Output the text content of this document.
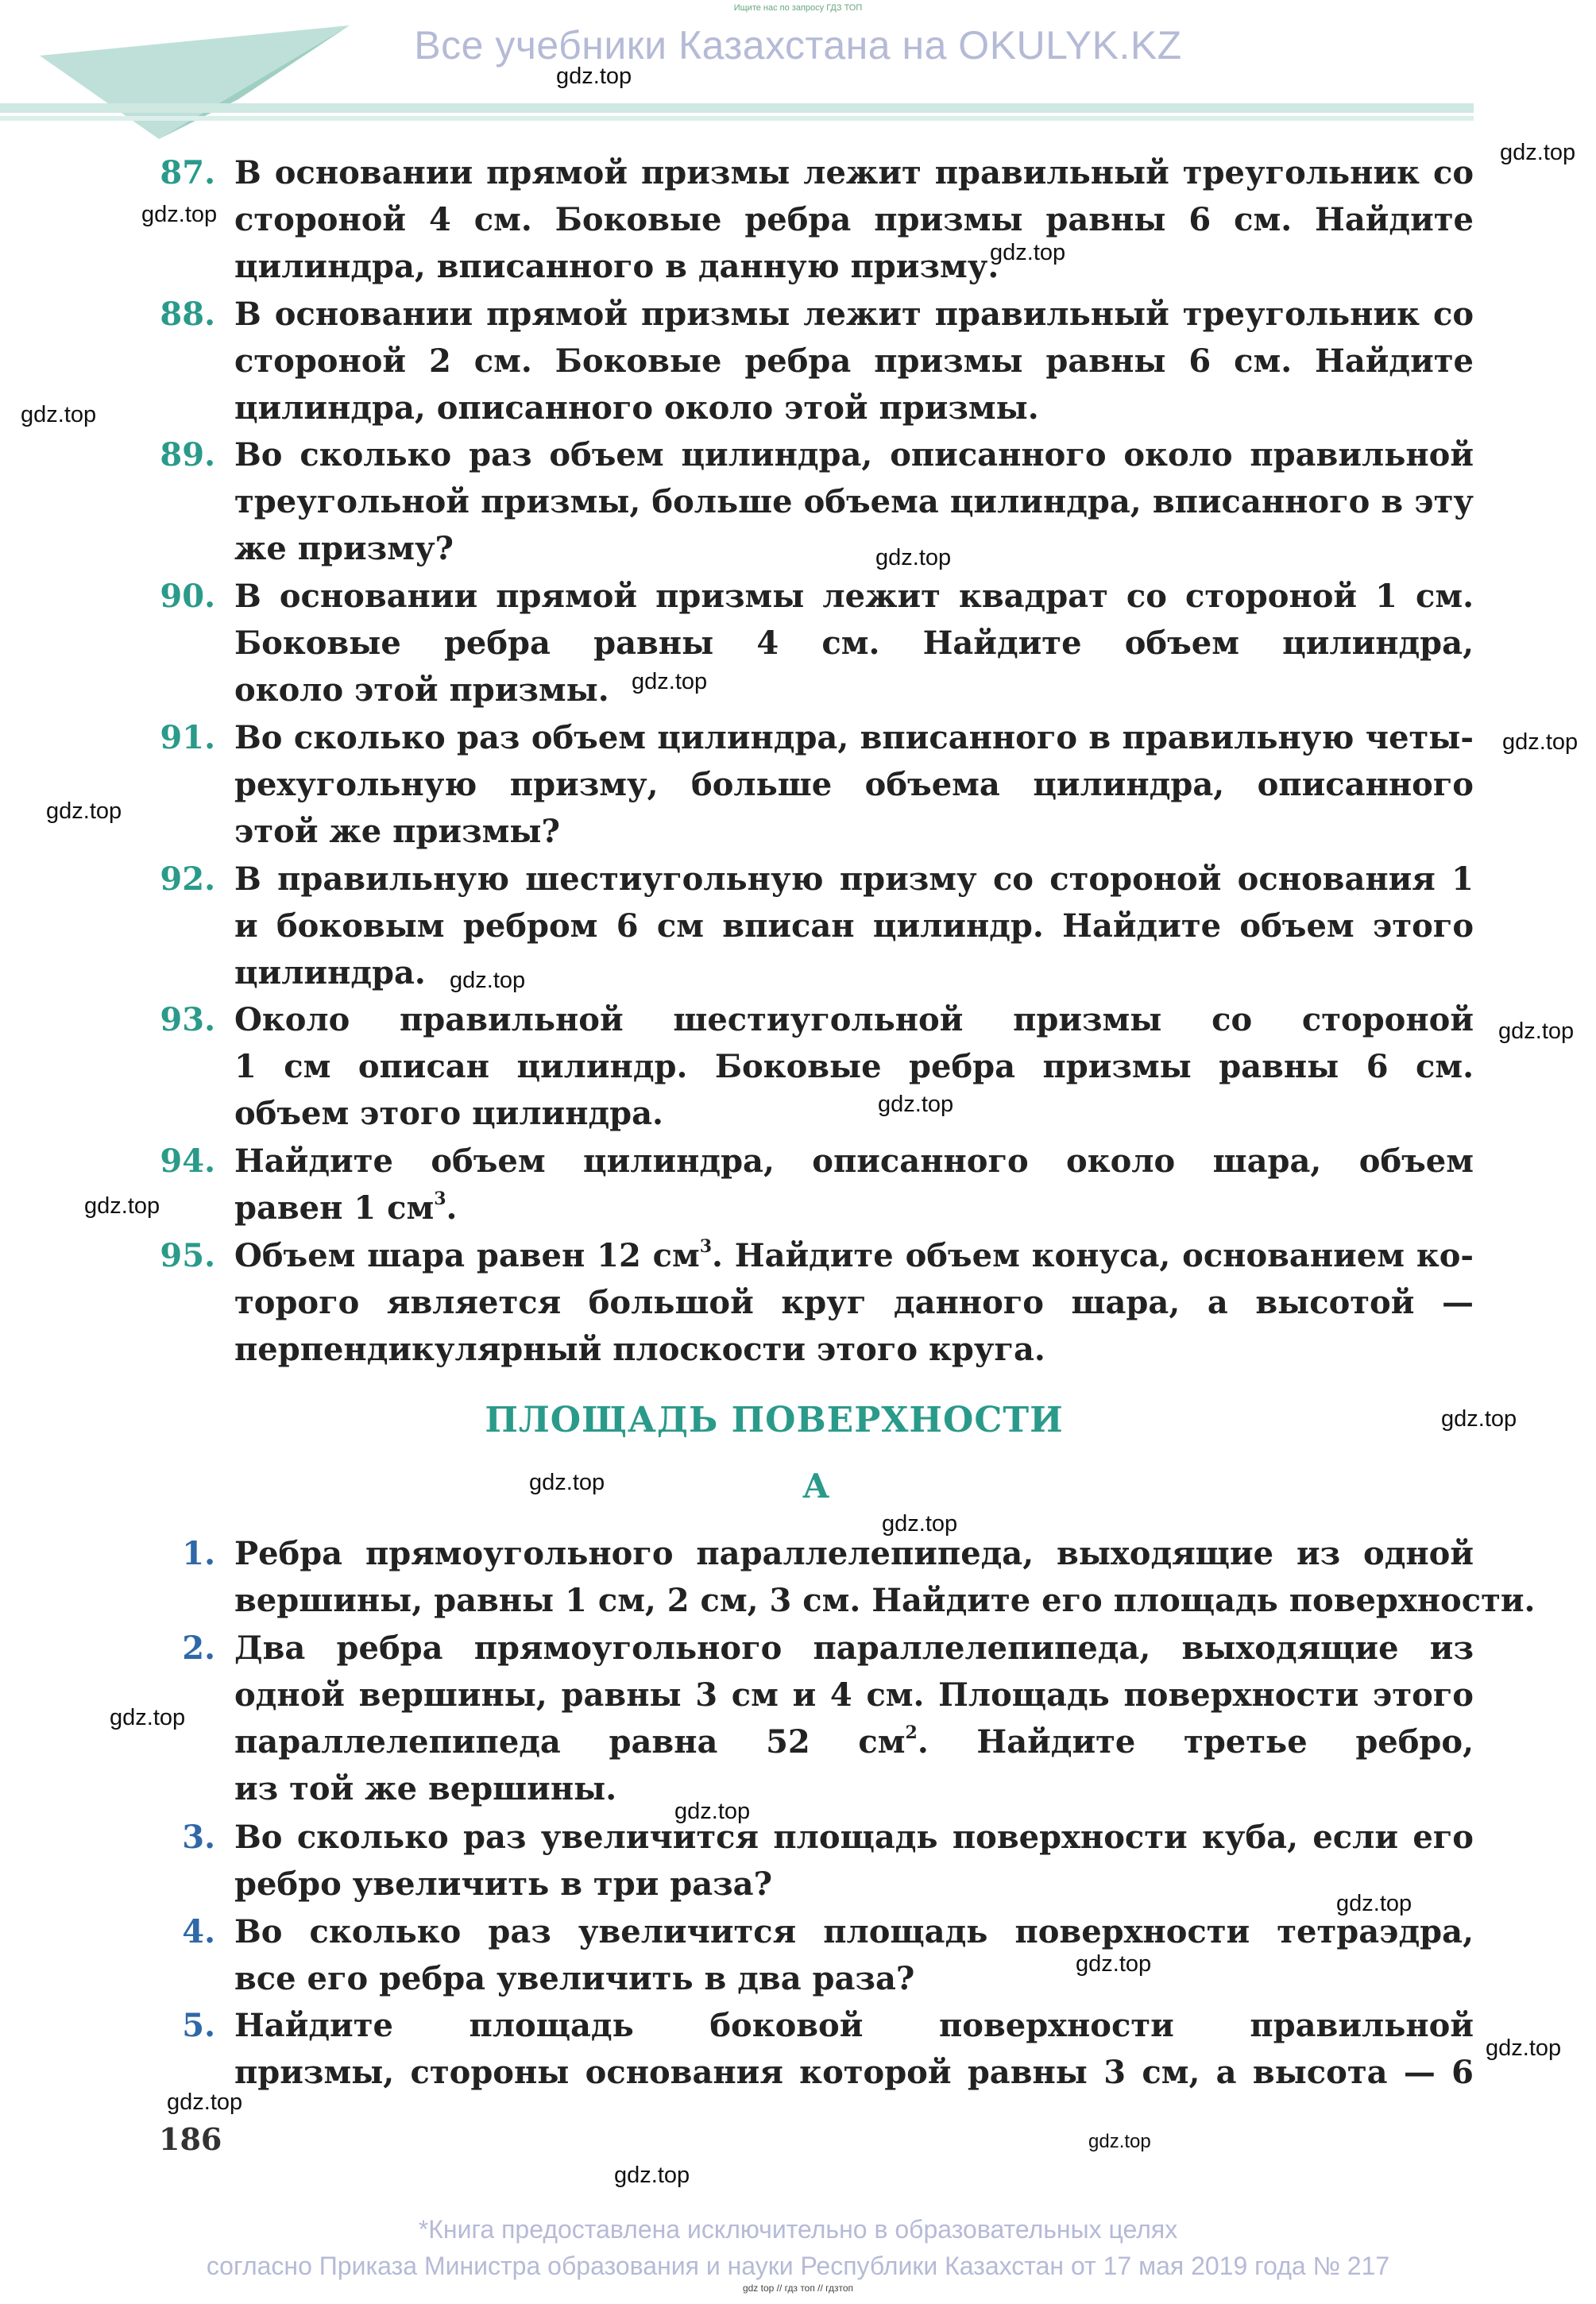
Ищите нас по запросу ГДЗ ТОП
Все учебники Казахстана на OKULYK.KZ
87. В основании прямой призмы лежит правильный треугольник со
стороной 4 см. Боковые ребра призмы равны 6 см. Найдите
цилиндра, вписанного в данную призму.
88. В основании прямой призмы лежит правильный треугольник со
стороной 2 см. Боковые ребра призмы равны 6 см. Найдите
цилиндра, описанного около этой призмы.
89. Во сколько раз объем цилиндра, описанного около правильной
треугольной призмы, больше объема цилиндра, вписанного в эту
же призму?
90. В основании прямой призмы лежит квадрат со стороной 1 см.
Боковые ребра равны 4 см. Найдите объем цилиндра,
около этой призмы.
91. Во сколько раз объем цилиндра, вписанного в правильную четы-
рехугольную призму, больше объема цилиндра, описанного
этой же призмы?
92. В правильную шестиугольную призму со стороной основания 1
и боковым ребром 6 см вписан цилиндр. Найдите объем этого
цилиндра.
93. Около правильной шестиугольной призмы со стороной
1 см описан цилиндр. Боковые ребра призмы равны 6 см.
объем этого цилиндра.
94. Найдите объем цилиндра, описанного около шара, объем
равен 1 $см^3$.
95. Объем шара равен 12 $см^3$. Найдите объем конуса, основанием ко-
торого является большой круг данного шара, а высотой —
перпендикулярный плоскости этого круга.
ПЛОЩАДЬ ПОВЕРХНОСТИ
А
1. Ребра прямоугольного параллелепипеда, выходящие из одной
вершины, равны 1 см, 2 см, 3 см. Найдите его площадь поверхности.
2. Два ребра прямоугольного параллелепипеда, выходящие из
одной вершины, равны 3 см и 4 см. Площадь поверхности этого
параллелепипеда равна 52 $см^2$. Найдите третье ребро,
из той же вершины.
3. Во сколько раз увеличится площадь поверхности куба, если его
ребро увеличить в три раза?
4. Во сколько раз увеличится площадь поверхности тетраэдра,
все его ребра увеличить в два раза?
5. Найдите площадь боковой поверхности правильной
призмы, стороны основания которой равны 3 см, а высота — 6
186
gdz.top
gdz.top
gdz.top
gdz.top
gdz.top
gdz.top
gdz.top
gdz.top
gdz.top
gdz.top
gdz.top
gdz.top
gdz.top
gdz.top
gdz.top
gdz.top
gdz.top
gdz.top
gdz.top
gdz.top
gdz.top
gdz.top
gdz.top
gdz.top
*Книга предоставлена исключительно в образовательных целях
согласно Приказа Министра образования и науки Республики Казахстан от 17 мая 2019 года № 217
gdz top // гдз топ // гдзтоп
